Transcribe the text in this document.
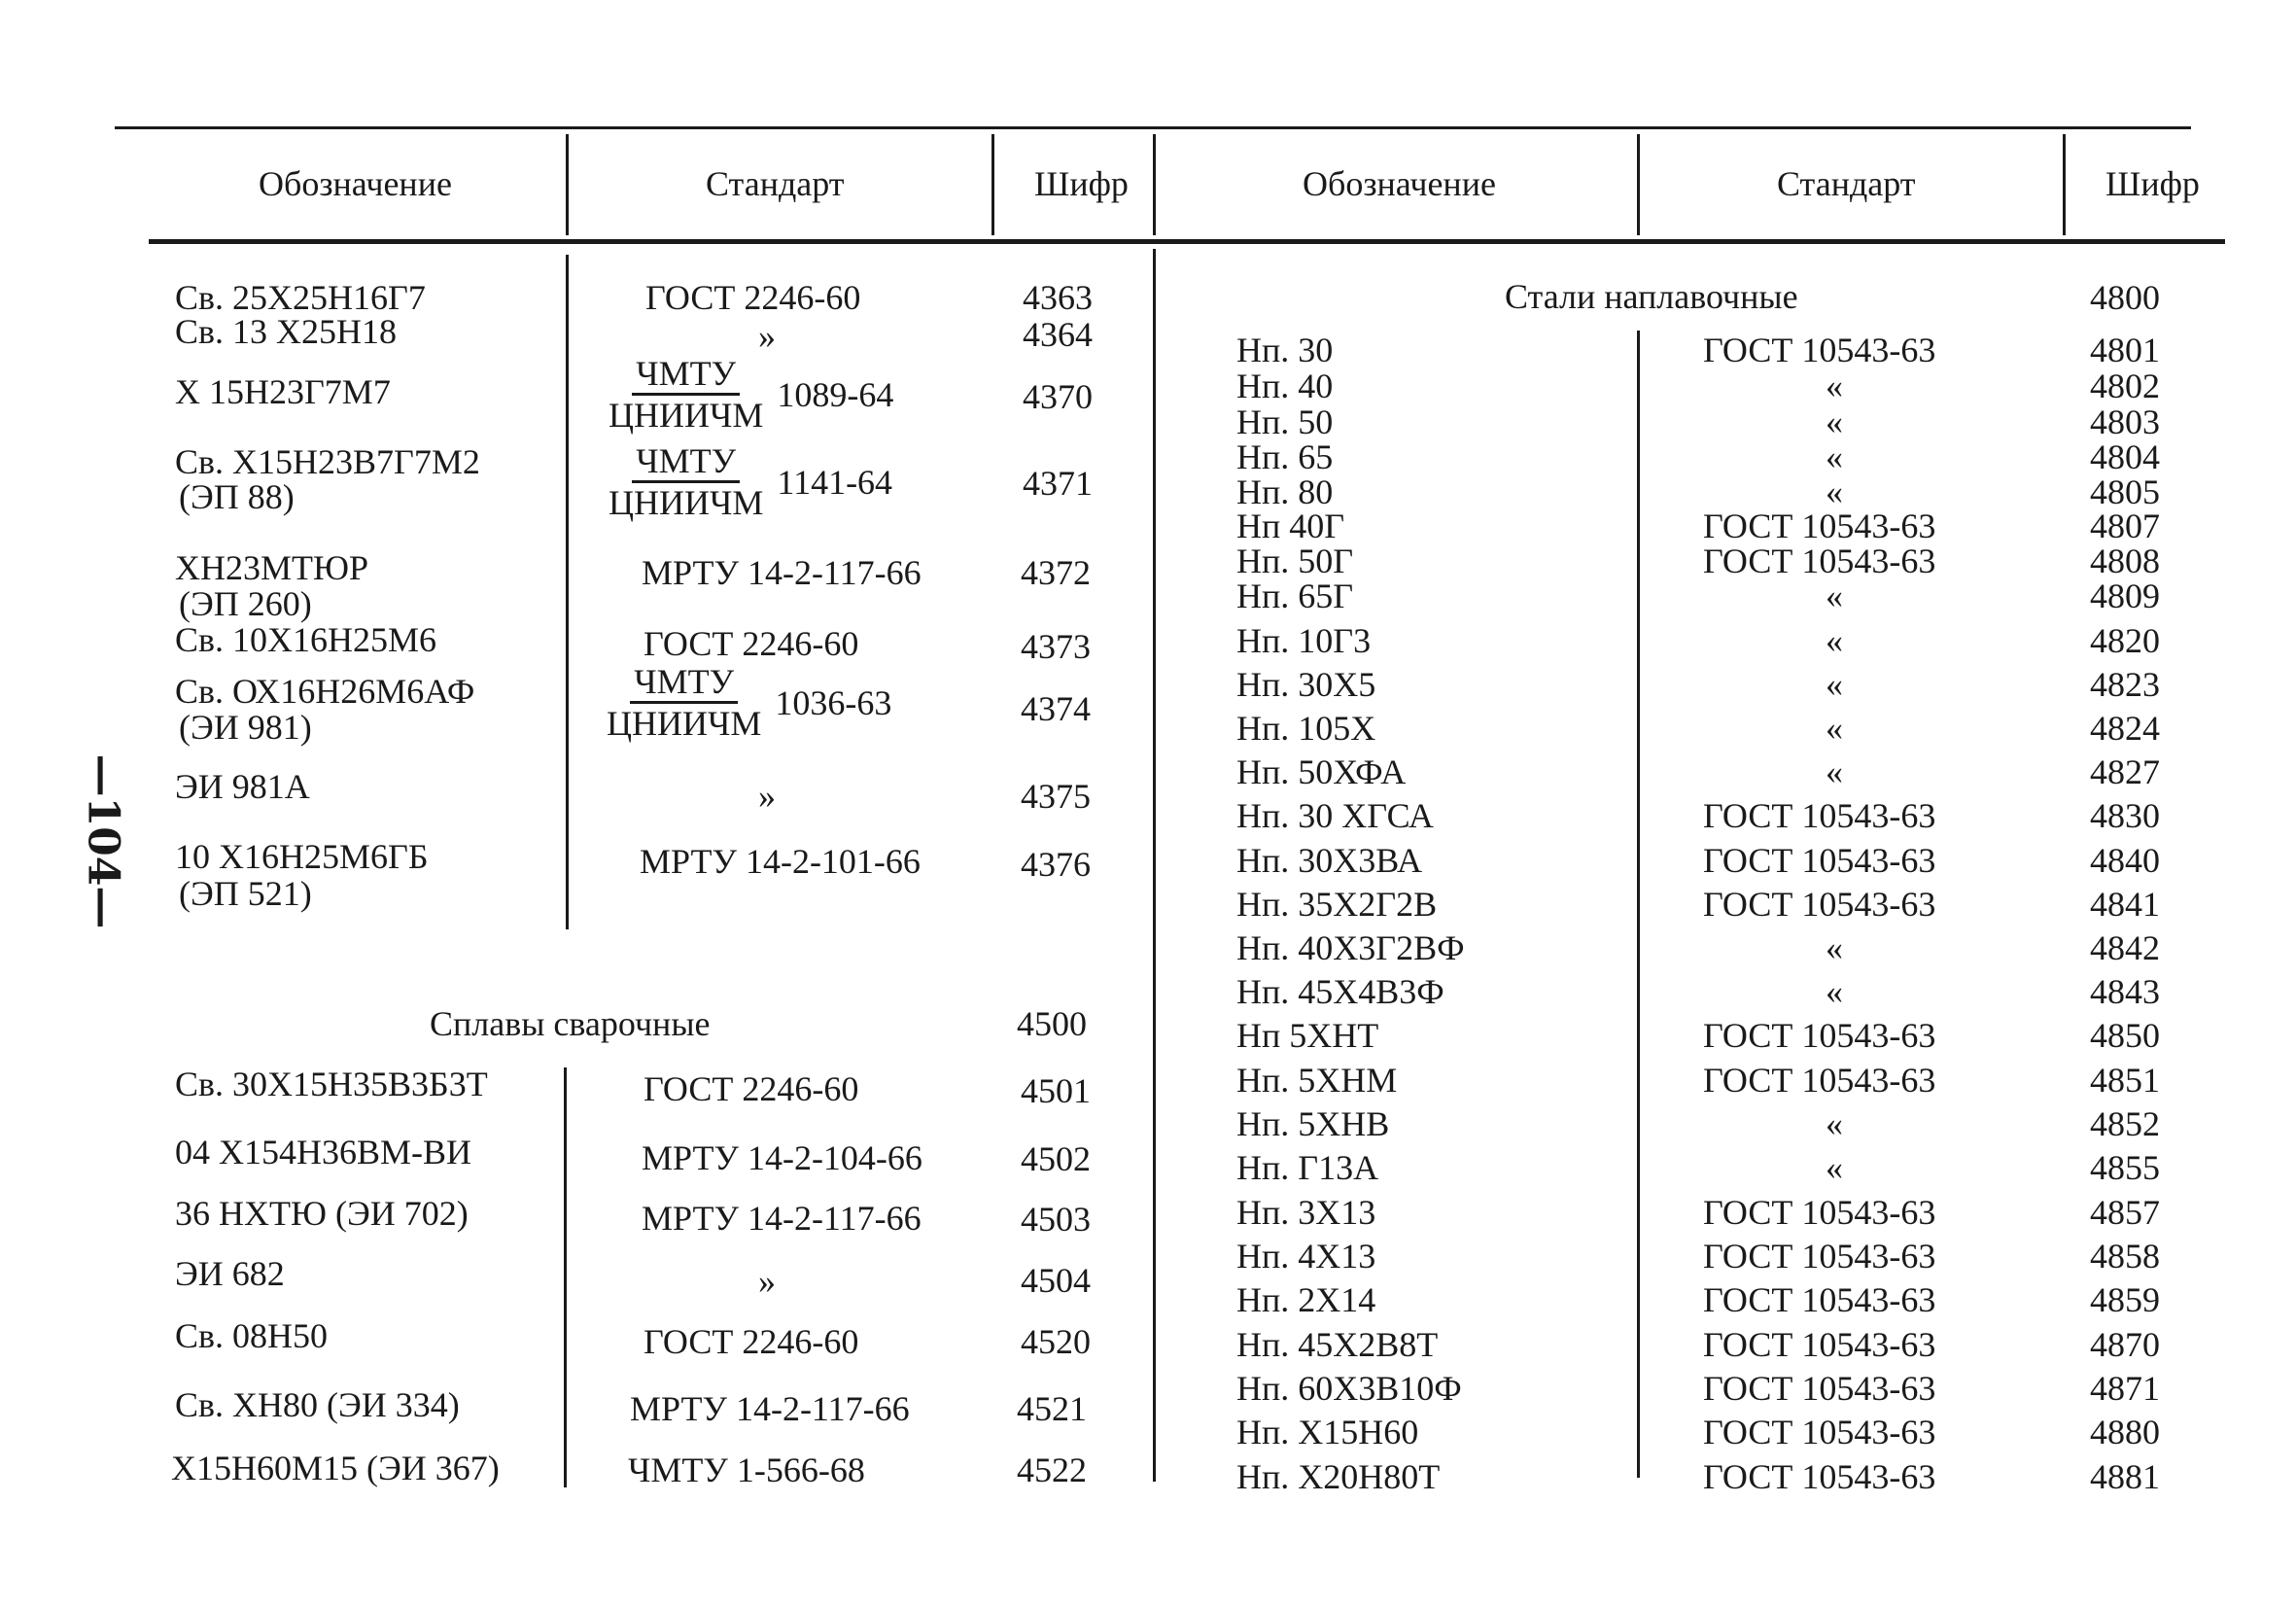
Обозначение	Стандарт	Шифр	Обозначение	Стандарт	Шифр
—104—
Св. 25Х25Н16Г7	ГОСТ 2246-60	4363
Св. 13 Х25Н18	»	4364
Х 15Н23Г7М7	$\frac{\text{ЧМТУ}}{\text{ЦНИИЧМ}} 1089-64$	4370
Св. Х15Н23В7Г7М2
(ЭП 88)	$\frac{\text{ЧМТУ}}{\text{ЦНИИЧМ}} 1141-64$	4371
ХН23МТЮР
(ЭП 260)
МРТУ 14-2-117-66	4372
Св. 10Х16Н25М6	ГОСТ 2246-60	4373
Св. ОХ16Н26М6АФ
(ЭИ 981)	$\frac{\text{ЧМТУ}}{\text{ЦНИИЧМ}} 1036-63$	4374
ЭИ 981А	»	4375
10 Х16Н25М6ГБ
(ЭП 521)
МРТУ 14-2-101-66	4376
Сплавы сварочные	4500
Св. 30Х15Н35В3Б3Т	ГОСТ 2246-60	4501
04 Х154Н36ВМ-ВИ	МРТУ 14-2-104-66	4502
36 НХТЮ (ЭИ 702)	МРТУ 14-2-117-66	4503
ЭИ 682	»	4504
Св. 08Н50	ГОСТ 2246-60	4520
Св. ХН80 (ЭИ 334)	МРТУ 14-2-117-66	4521
Х15Н60М15 (ЭИ 367)	ЧМТУ 1-566-68	4522
Стали наплавочные	4800
Нп. 30	ГОСТ 10543-63	4801
Нп. 40	«	4802
Нп. 50	«	4803
Нп. 65	«	4804
Нп. 80	«	4805
Нп 40Г	ГОСТ 10543-63	4807
Нп. 50Г	ГОСТ 10543-63	4808
Нп. 65Г	«	4809
Нп. 10Г3	«	4820
Нп. 30Х5	«	4823
Нп. 105Х	«	4824
Нп. 50ХФА	«	4827
Нп. 30 ХГСА	ГОСТ 10543-63	4830
Нп. 30Х3ВА	ГОСТ 10543-63	4840
Нп. 35Х2Г2В	ГОСТ 10543-63	4841
Нп. 40Х3Г2ВФ	«	4842
Нп. 45Х4В3Ф	«	4843
Нп 5ХНТ	ГОСТ 10543-63	4850
Нп. 5ХНМ	ГОСТ 10543-63	4851
Нп. 5ХНВ	«	4852
Нп. Г13А	«	4855
Нп. 3Х13	ГОСТ 10543-63	4857
Нп. 4Х13	ГОСТ 10543-63	4858
Нп. 2Х14	ГОСТ 10543-63	4859
Нп. 45Х2В8Т	ГОСТ 10543-63	4870
Нп. 60Х3В10Ф	ГОСТ 10543-63	4871
Нп. Х15Н60	ГОСТ 10543-63	4880
Нп. Х20Н80Т	ГОСТ 10543-63	4881
